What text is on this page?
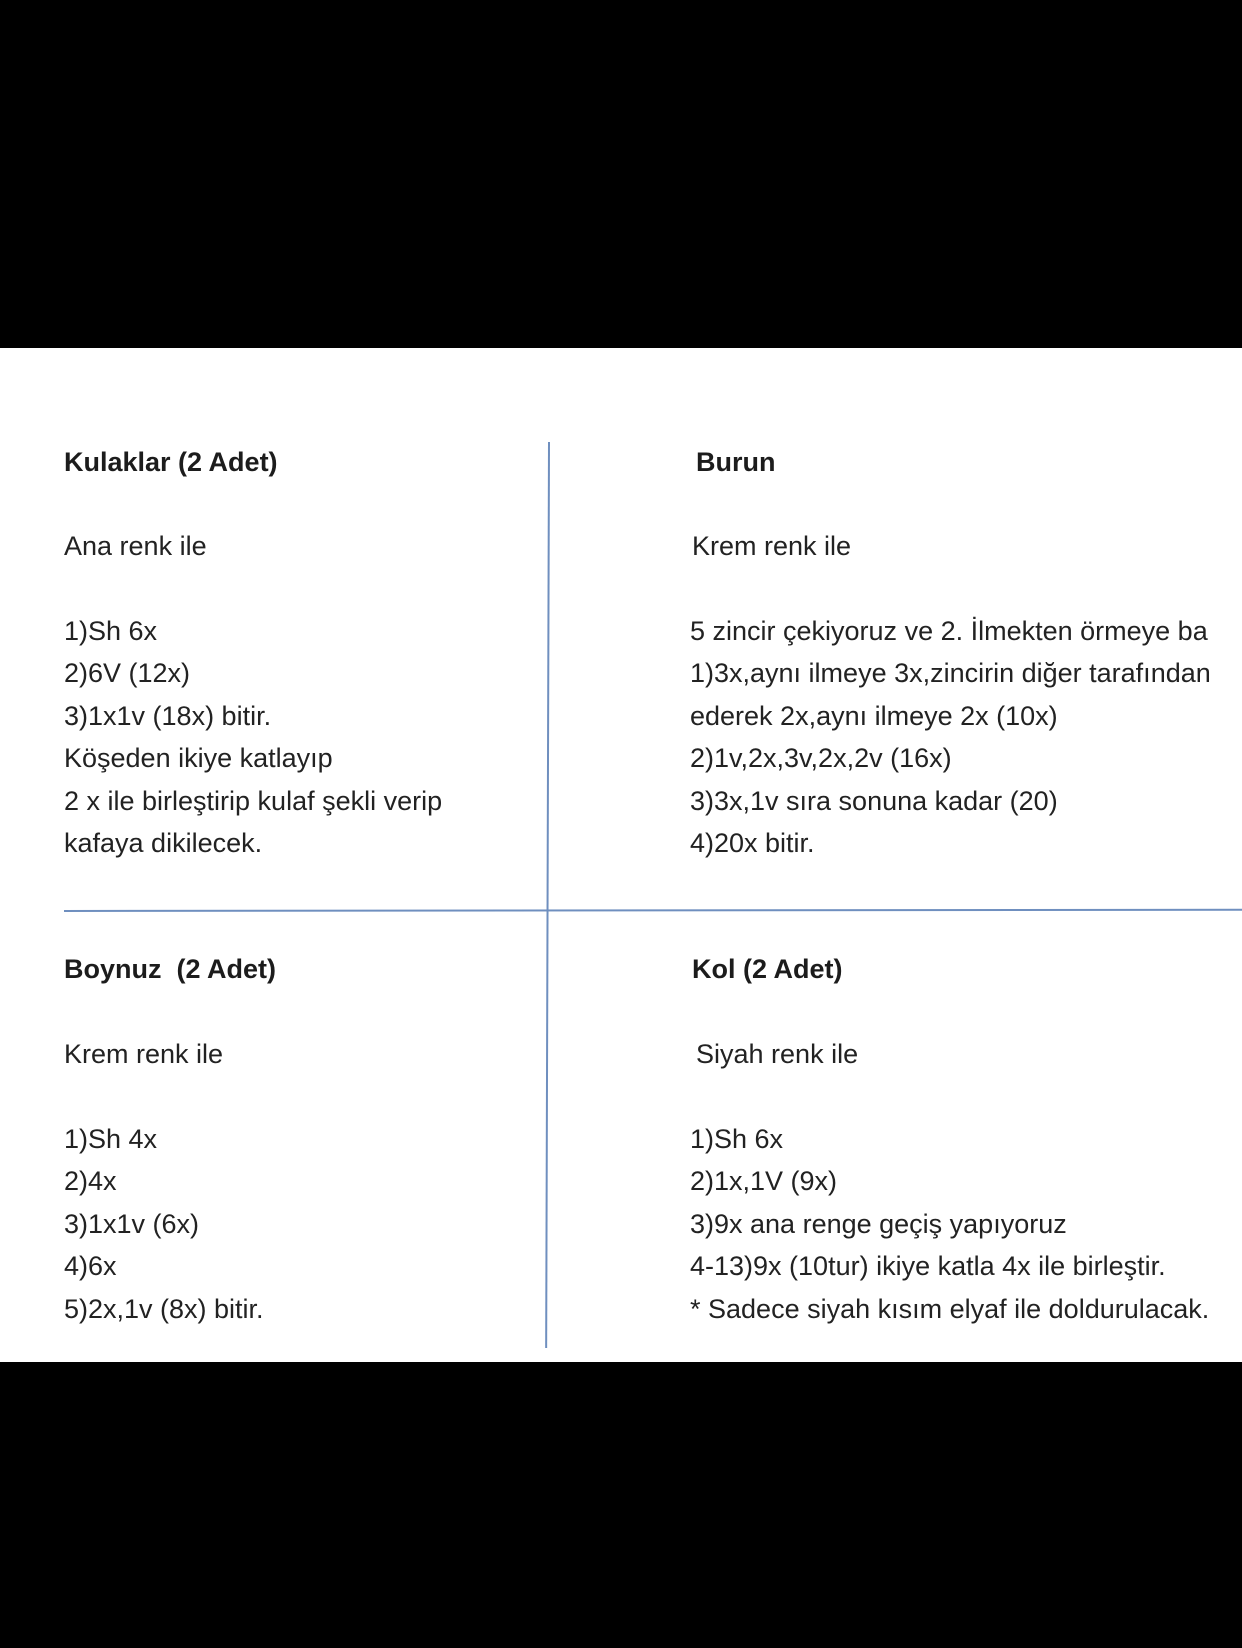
Kulaklar (2 Adet)
Ana renk ile
1)Sh 6x
2)6V (12x)
3)1x1v (18x) bitir.
Köşeden ikiye katlayıp
2 x ile birleştirip kulaf şekli verip
kafaya dikilecek.
Burun
Krem renk ile
5 zincir çekiyoruz ve 2. İlmekten örmeye ba
1)3x,aynı ilmeye 3x,zincirin diğer tarafından
ederek 2x,aynı ilmeye 2x (10x)
2)1v,2x,3v,2x,2v (16x)
3)3x,1v sıra sonuna kadar (20)
4)20x bitir.
Boynuz  (2 Adet)
Krem renk ile
1)Sh 4x
2)4x
3)1x1v (6x)
4)6x
5)2x,1v (8x) bitir.
Kol (2 Adet)
Siyah renk ile
1)Sh 6x
2)1x,1V (9x)
3)9x ana renge geçiş yapıyoruz
4-13)9x (10tur) ikiye katla 4x ile birleştir.
* Sadece siyah kısım elyaf ile doldurulacak.
